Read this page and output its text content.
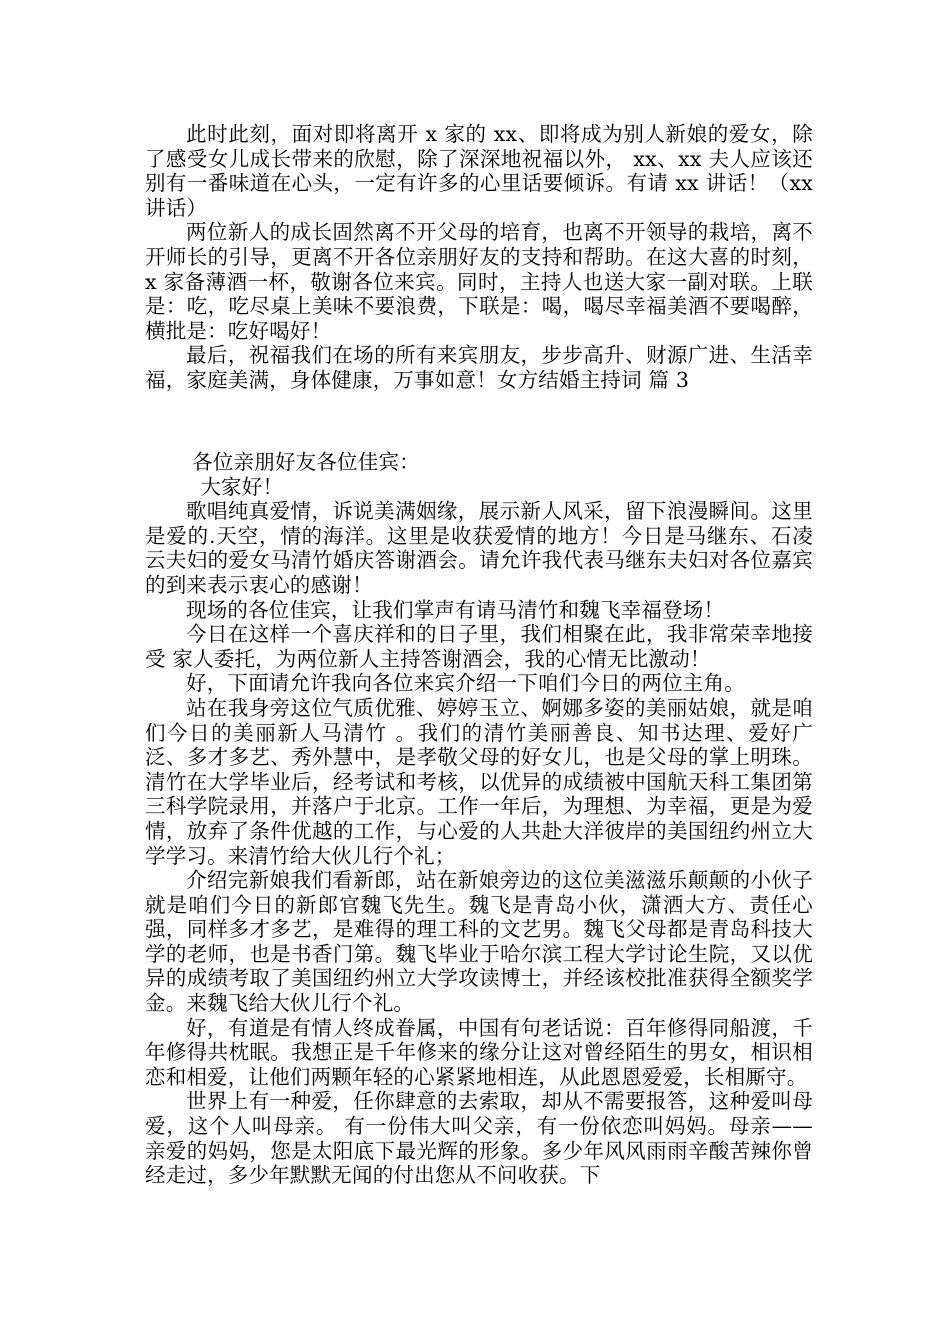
此时此刻，面对即将离开 x 家的 xx、即将成为别人新娘的爱女，除了感受女儿成长带来的欣慰，除了深深地祝福以外， xx、xx 夫人应该还别有一番味道在心头，一定有许多的心里话要倾诉。有请 xx 讲话！（xx 讲话）

两位新人的成长固然离不开父母的培育，也离不开领导的栽培，离不开师长的引导，更离不开各位亲朋好友的支持和帮助。在这大喜的时刻，x 家备薄酒一杯，敬谢各位来宾。同时，主持人也送大家一副对联。上联是：吃，吃尽桌上美味不要浪费，下联是：喝，喝尽幸福美酒不要喝醉，横批是：吃好喝好！

最后，祝福我们在场的所有来宾朋友，步步高升、财源广进、生活幸福，家庭美满，身体健康，万事如意！女方结婚主持词 篇 3

各位亲朋好友各位佳宾：

大家好！

歌唱纯真爱情，诉说美满姻缘，展示新人风采，留下浪漫瞬间。这里是爱的.天空，情的海洋。这里是收获爱情的地方！今日是马继东、石凌云夫妇的爱女马清竹婚庆答谢酒会。请允许我代表马继东夫妇对各位嘉宾的到来表示衷心的感谢！

现场的各位佳宾，让我们掌声有请马清竹和魏飞幸福登场！

今日在这样一个喜庆祥和的日子里，我们相聚在此，我非常荣幸地接受 家人委托，为两位新人主持答谢酒会，我的心情无比激动！

好，下面请允许我向各位来宾介绍一下咱们今日的两位主角。

站在我身旁这位气质优雅、婷婷玉立、婀娜多姿的美丽姑娘，就是咱们今日的美丽新人马清竹 。我们的清竹美丽善良、知书达理、爱好广泛、多才多艺、秀外慧中，是孝敬父母的好女儿，也是父母的掌上明珠。清竹在大学毕业后，经考试和考核，以优异的成绩被中国航天科工集团第三科学院录用，并落户于北京。工作一年后，为理想、为幸福，更是为爱情，放弃了条件优越的工作，与心爱的人共赴大洋彼岸的美国纽约州立大学学习。来清竹给大伙儿行个礼；

介绍完新娘我们看新郎，站在新娘旁边的这位美滋滋乐颠颠的小伙子就是咱们今日的新郎官魏飞先生。魏飞是青岛小伙，潇洒大方、责任心强，同样多才多艺，是难得的理工科的文艺男。魏飞父母都是青岛科技大学的老师，也是书香门第。魏飞毕业于哈尔滨工程大学讨论生院，又以优异的成绩考取了美国纽约州立大学攻读博士，并经该校批准获得全额奖学金。来魏飞给大伙儿行个礼。

好，有道是有情人终成眷属，中国有句老话说：百年修得同船渡，千年修得共枕眠。我想正是千年修来的缘分让这对曾经陌生的男女，相识相恋和相爱，让他们两颗年轻的心紧紧地相连，从此恩恩爱爱，长相厮守。

世界上有一种爱，任你肆意的去索取，却从不需要报答，这种爱叫母爱，这个人叫母亲。 有一份伟大叫父亲，有一份依恋叫妈妈。母亲——亲爱的妈妈，您是太阳底下最光辉的形象。多少年风风雨雨辛酸苦辣你曾经走过，多少年默默无闻的付出您从不问收获。下
